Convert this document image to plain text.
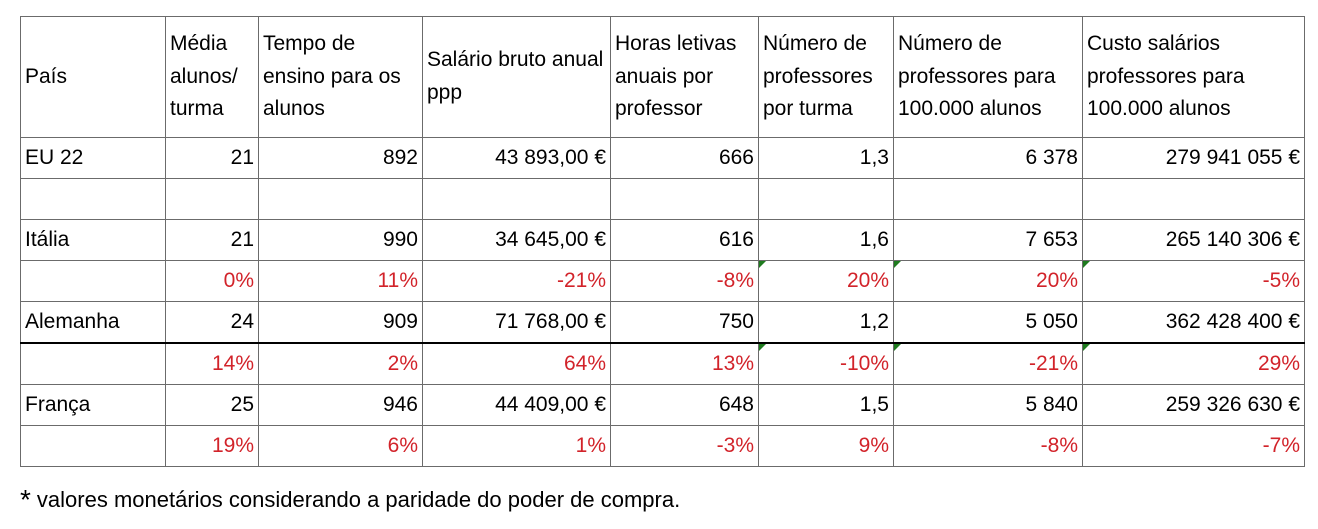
País	Média alunos/ turma	Tempo de ensino para os alunos	Salário bruto anual ppp	Horas letivas anuais por professor	Número de professores por turma	Número de professores para 100.000 alunos	Custo salários professores para 100.000 alunos
EU 22	21	892	43 893,00 €	666	1,3	6 378	279 941 055 €

Itália	21	990	34 645,00 €	616	1,6	7 653	265 140 306 €
	0%	11%	-21%	-8%	20%	20%	-5%
Alemanha	24	909	71 768,00 €	750	1,2	5 050	362 428 400 €
	14%	2%	64%	13%	-10%	-21%	29%
França	25	946	44 409,00 €	648	1,5	5 840	259 326 630 €
	19%	6%	1%	-3%	9%	-8%	-7%
* valores monetários considerando a paridade do poder de compra.
